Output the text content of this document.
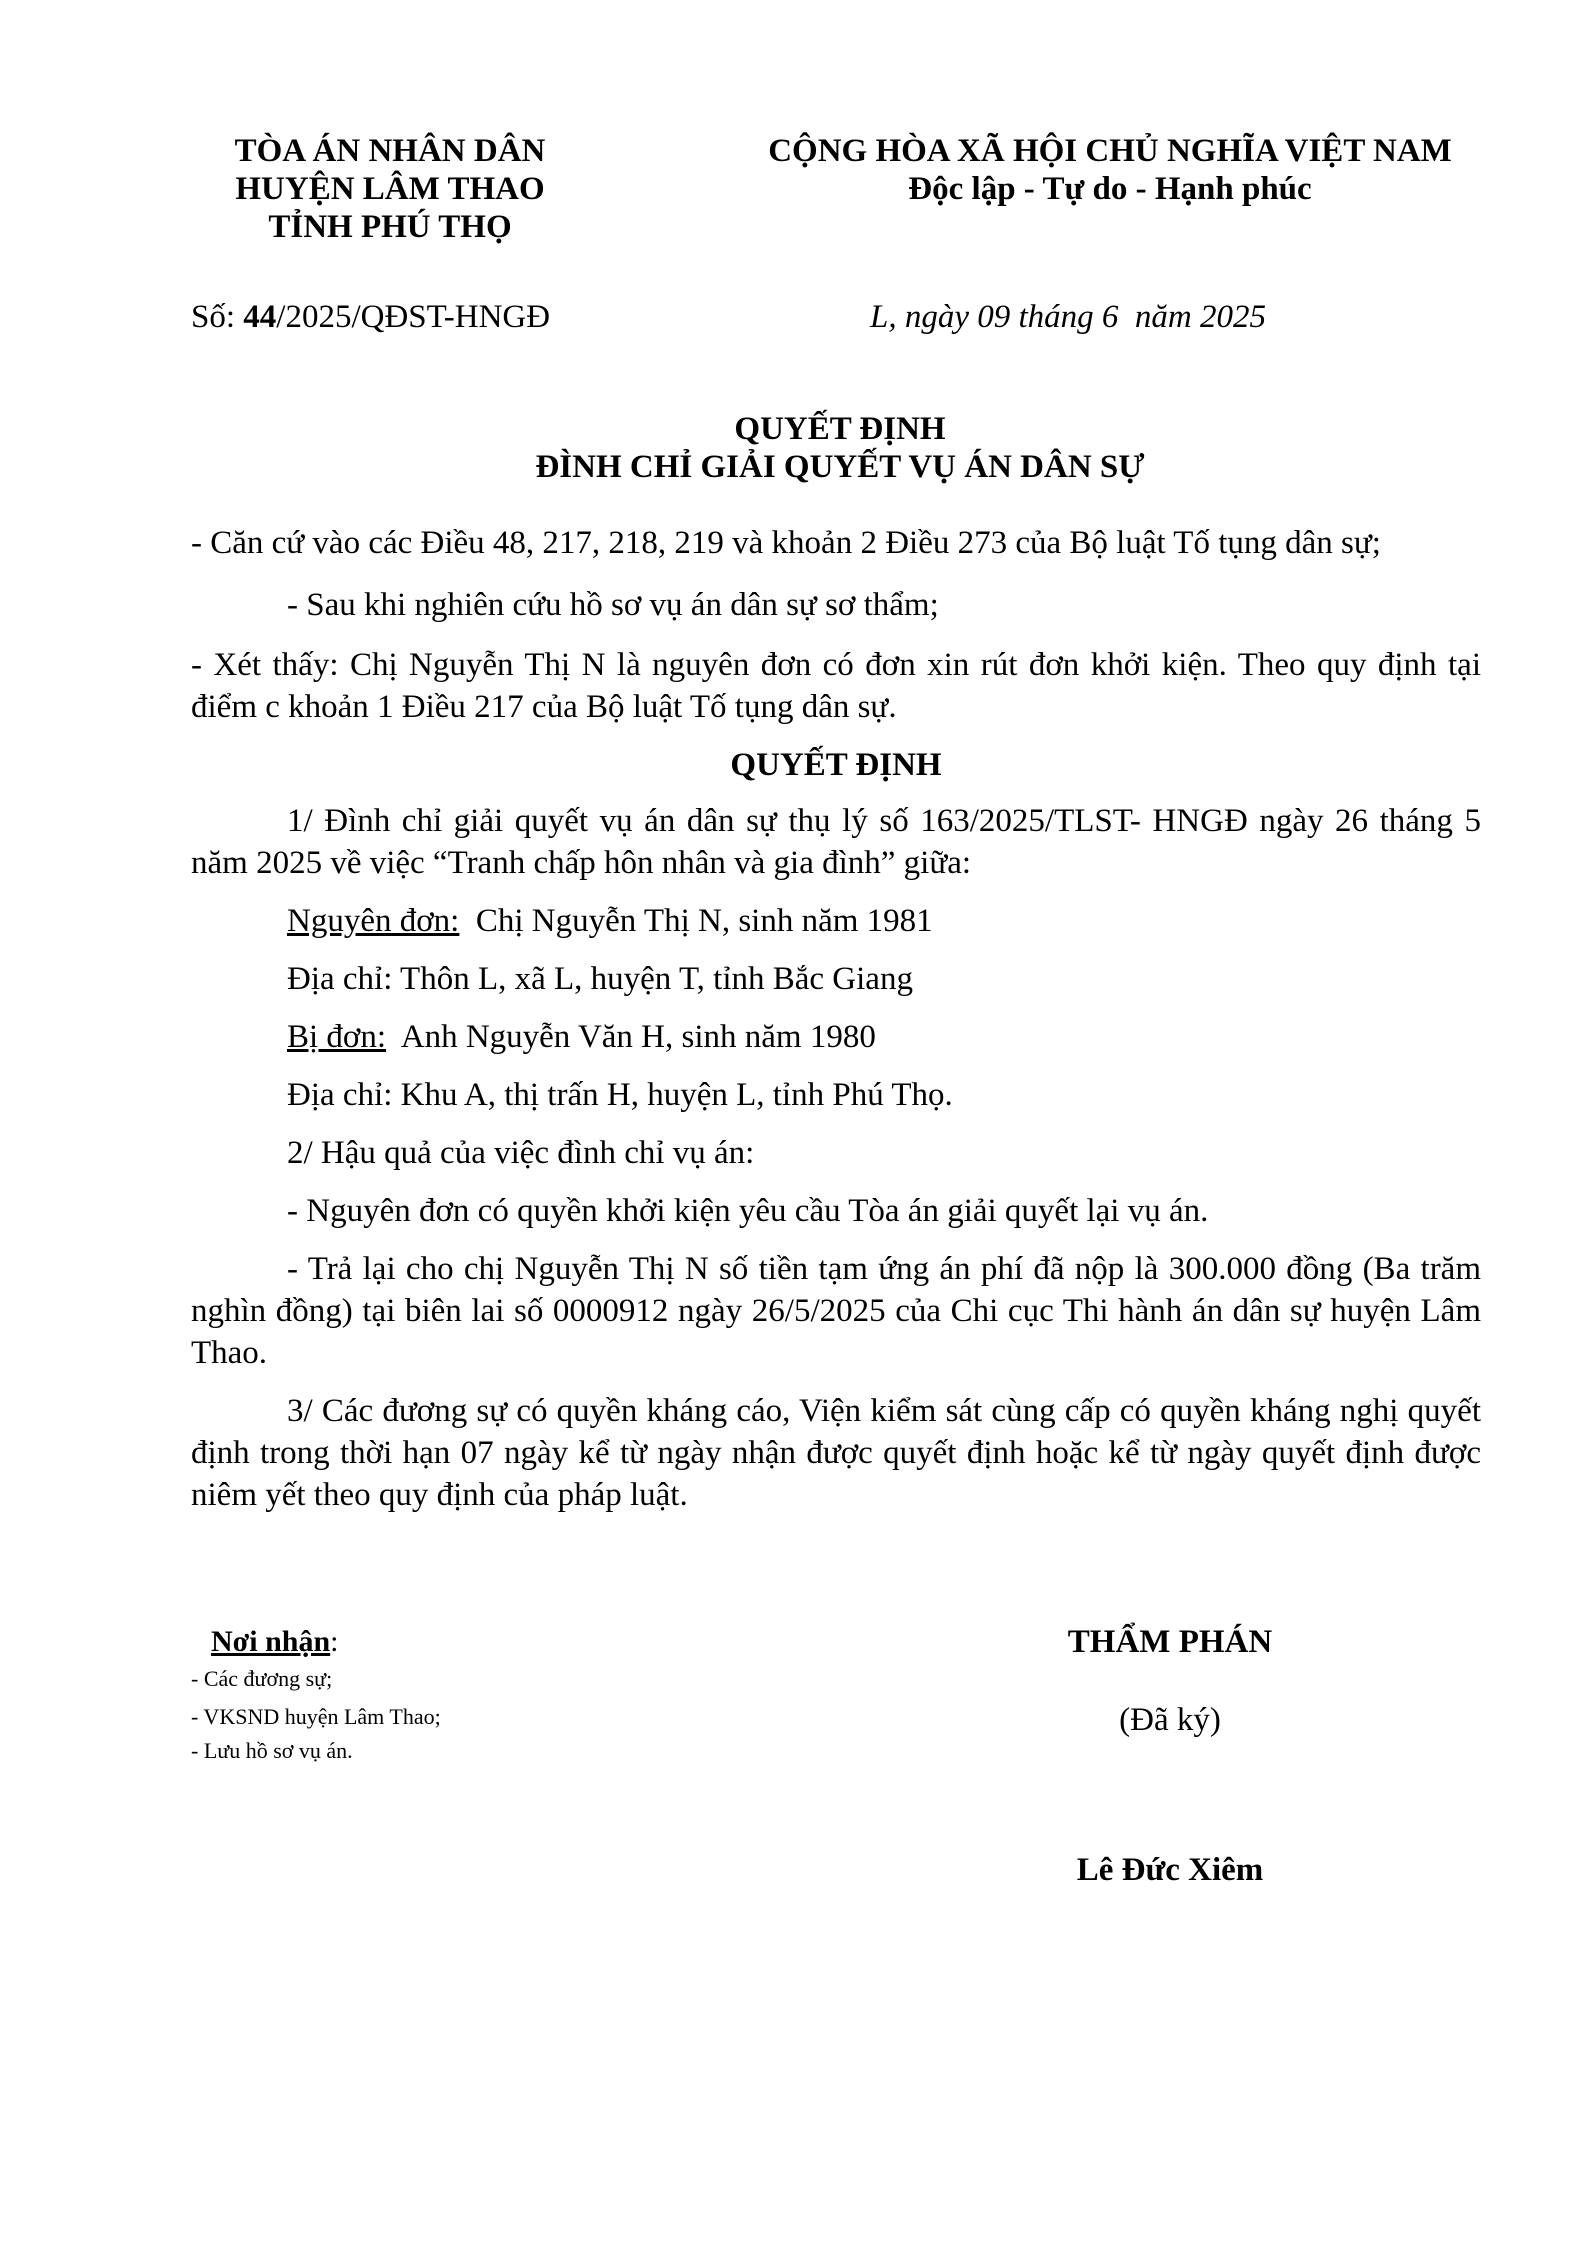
TÒA ÁN NHÂN DÂN
HUYỆN LÂM THAO
TỈNH PHÚ THỌ
CỘNG HÒA XÃ HỘI CHỦ NGHĨA VIỆT NAM
Độc lập - Tự do - Hạnh phúc
Số: 44/2025/QĐST-HNGĐ	L, ngày 09 tháng 6  năm 2025
QUYẾT ĐỊNH
ĐÌNH CHỈ GIẢI QUYẾT VỤ ÁN DÂN SỰ
- Căn cứ vào các Điều 48, 217, 218, 219 và khoản 2 Điều 273 của Bộ luật Tố tụng dân sự;
- Sau khi nghiên cứu hồ sơ vụ án dân sự sơ thẩm;
- Xét thấy: Chị Nguyễn Thị N là nguyên đơn có đơn xin rút đơn khởi kiện. Theo quy định tại điểm c khoản 1 Điều 217 của Bộ luật Tố tụng dân sự.
QUYẾT ĐỊNH
1/ Đình chỉ giải quyết vụ án dân sự thụ lý số 163/2025/TLST- HNGĐ ngày 26 tháng 5 năm 2025 về việc “Tranh chấp hôn nhân và gia đình” giữa:
Nguyên đơn:  Chị Nguyễn Thị N, sinh năm 1981
Địa chỉ: Thôn L, xã L, huyện T, tỉnh Bắc Giang
Bị đơn:  Anh Nguyễn Văn H, sinh năm 1980
Địa chỉ: Khu A, thị trấn H, huyện L, tỉnh Phú Thọ.
2/ Hậu quả của việc đình chỉ vụ án:
- Nguyên đơn có quyền khởi kiện yêu cầu Tòa án giải quyết lại vụ án.
- Trả lại cho chị Nguyễn Thị N số tiền tạm ứng án phí đã nộp là 300.000 đồng (Ba trăm nghìn đồng) tại biên lai số 0000912 ngày 26/5/2025 của Chi cục Thi hành án dân sự huyện Lâm Thao.
3/ Các đương sự có quyền kháng cáo, Viện kiểm sát cùng cấp có quyền kháng nghị quyết định trong thời hạn 07 ngày kể từ ngày nhận được quyết định hoặc kể từ ngày quyết định được niêm yết theo quy định của pháp luật.
Nơi nhận:
- Các đương sự;
- VKSND huyện Lâm Thao;
- Lưu hồ sơ vụ án.
THẨM PHÁN
(Đã ký)
Lê Đức Xiêm
